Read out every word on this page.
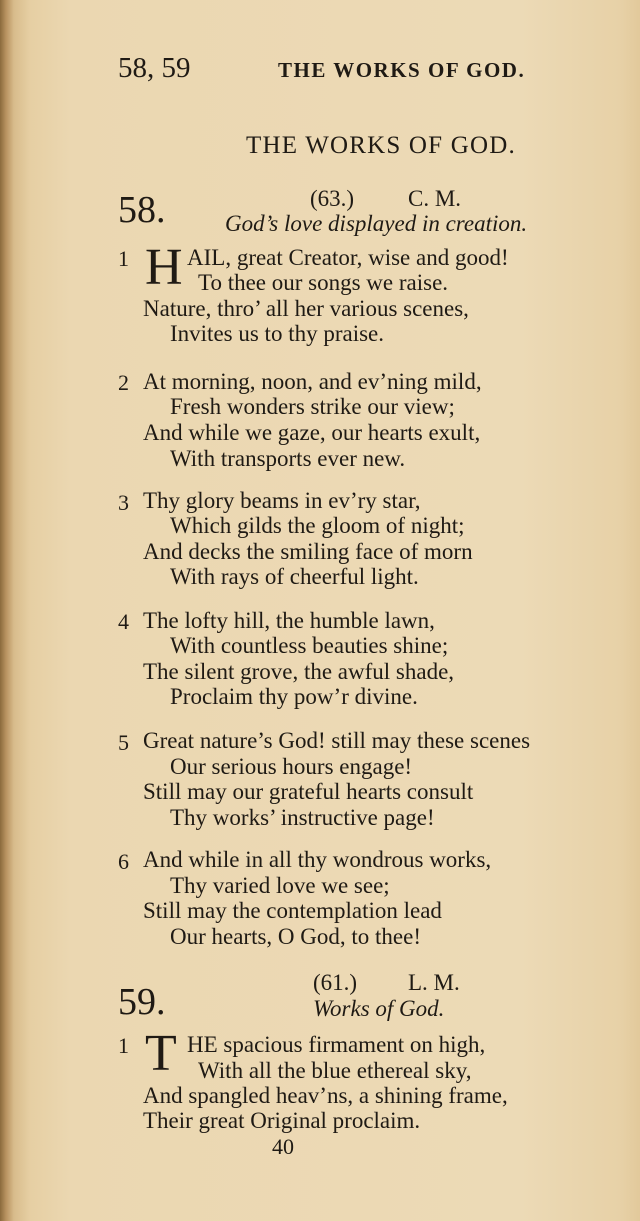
58, 59	THE WORKS OF GOD.
THE WORKS OF GOD.
58.	(63.) C. M.
God’s love displayed in creation.
1 H AIL, great Creator, wise and good!
To thee our songs we raise.
Nature, thro’ all her various scenes,
Invites us to thy praise.
2 At morning, noon, and ev’ning mild,
Fresh wonders strike our view;
And while we gaze, our hearts exult,
With transports ever new.
3 Thy glory beams in ev’ry star,
Which gilds the gloom of night;
And decks the smiling face of morn
With rays of cheerful light.
4 The lofty hill, the humble lawn,
With countless beauties shine;
The silent grove, the awful shade,
Proclaim thy pow’r divine.
5 Great nature’s God! still may these scenes
Our serious hours engage!
Still may our grateful hearts consult
Thy works’ instructive page!
6 And while in all thy wondrous works,
Thy varied love we see;
Still may the contemplation lead
Our hearts, O God, to thee!
59.	(61.) L. M.
Works of God.
1 T HE spacious firmament on high,
With all the blue ethereal sky,
And spangled heav’ns, a shining frame,
Their great Original proclaim.
40
